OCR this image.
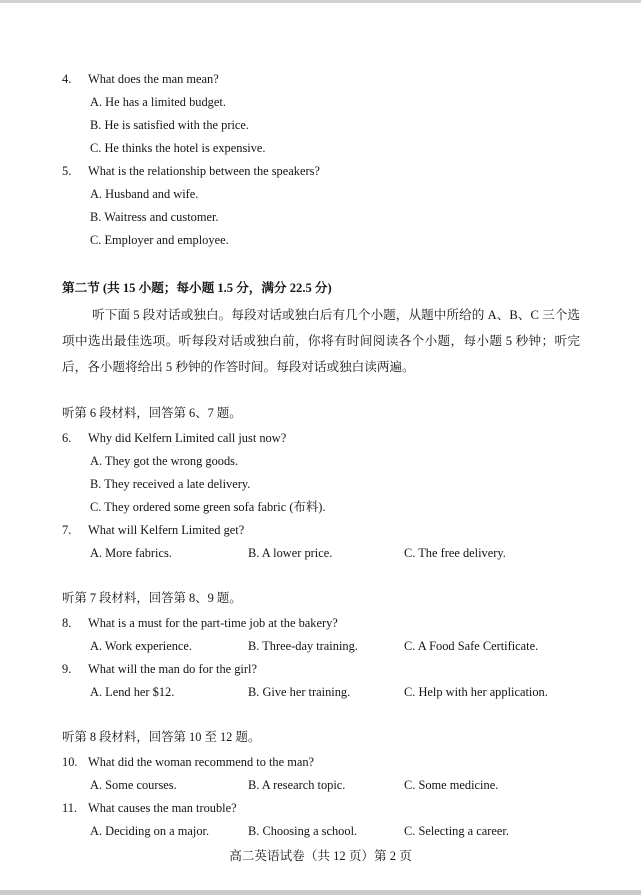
4.	What does the man mean?
A. He has a limited budget.
B. He is satisfied with the price.
C. He thinks the hotel is expensive.
5.	What is the relationship between the speakers?
A. Husband and wife.
B. Waitress and customer.
C. Employer and employee.
第二节 (共 15 小题；每小题 1.5 分，满分 22.5 分)
听下面 5 段对话或独白。每段对话或独白后有几个小题，从题中所给的 A、B、C 三个选项中选出最佳选项。听每段对话或独白前，你将有时间阅读各个小题，每小题 5 秒钟；听完后，各小题将给出 5 秒钟的作答时间。每段对话或独白读两遍。
听第 6 段材料，回答第 6、7 题。
6.	Why did Kelfern Limited call just now?
A. They got the wrong goods.
B. They received a late delivery.
C. They ordered some green sofa fabric (布料).
7.	What will Kelfern Limited get?
A. More fabrics.	B. A lower price.	C. The free delivery.
听第 7 段材料，回答第 8、9 题。
8.	What is a must for the part-time job at the bakery?
A. Work experience.	B. Three-day training.	C. A Food Safe Certificate.
9.	What will the man do for the girl?
A. Lend her $12.	B. Give her training.	C. Help with her application.
听第 8 段材料，回答第 10 至 12 题。
10. What did the woman recommend to the man?
A. Some courses.	B. A research topic.	C. Some medicine.
11. What causes the man trouble?
A. Deciding on a major.	B. Choosing a school.	C. Selecting a career.
高二英语试卷（共 12 页）第 2 页
